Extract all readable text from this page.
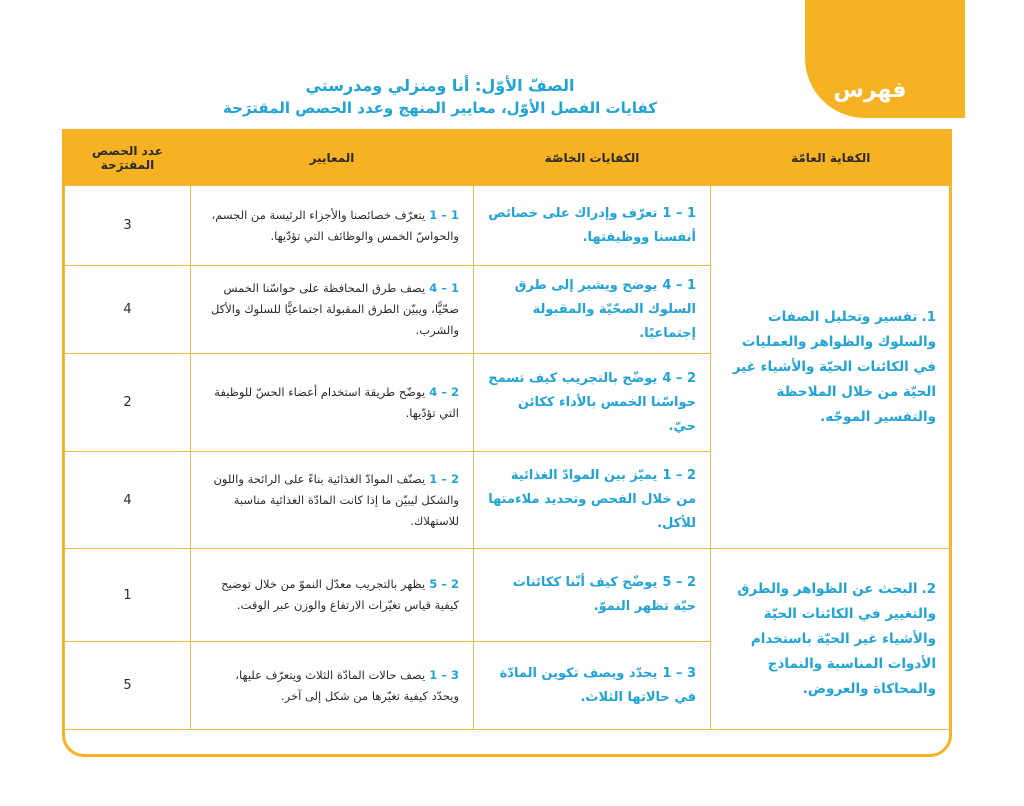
فهرس
الصفّ الأوّل: أنا ومنزلي ومدرستي
كفايات الفصل الأوّل، معايير المنهج وعدد الحصص المقترَحة
الكفاية العامّة	الكفايات الخاصّة	المعايير	عدد الحصص المقترَحة
1.تفسير وتحليل الصفات والسلوك والظواهر والعمليات في الكائنات الحيّة والأشياء غير الحيّة من خلال الملاحظة والتفسير الموجّه.	1 – 1تعرّف وإدراك على خصائص أنفسنا ووظيفتها.	1 – 1يتعرّف خصائصنا والأجزاء الرئيسة من الجسم، والحواسّ الخمس والوظائف التي تؤدّيها.	3
	1 – 4يوضح ويشير إلى طرق السلوك الصحّيّة والمقبولة إجتماعيًا.	1 – 4يصف طرق المحافظة على حواسّنا الخمس صحّيًّا، ويبيّن الطرق المقبولة اجتماعيًّا للسلوك والأكل والشرب.	4
	2 – 4يوضّح بالتجريب كيف تسمح حواسّنا الخمس بالأداء ككائن حيّ.	2 – 4يوضّح طريقة استخدام أعضاء الحسّ للوظيفة التي تؤدّيها.	2
	2 – 1يميّز بين الموادّ الغذائية من خلال الفحص وتحديد ملاءمتها للأكل.	2 – 1يصنّف الموادّ الغذائية بناءً على الرائحة واللون والشكل ليبيّن ما إذا كانت المادّة الغذائية مناسبة للاستهلاك.	4
2.البحث عن الظواهر والطرق والتغيير في الكائنات الحيّة والأشياء غير الحيّة باستخدام الأدوات المناسبة والنماذج والمحاكاة والعروض.	2 – 5يوضّح كيف أنّنا ككائنات حيّة تظهر النموّ.	2 – 5يظهر بالتجريب معدّل النموّ من خلال توضيح كيفية قياس تغيّرات الارتفاع والوزن عبر الوقت.	1
	3 – 1يحدّد ويصف تكوين المادّة في حالاتها الثلاث.	3 – 1يصف حالات المادّة الثلاث ويتعرّف عليها، ويحدّد كيفية تغيّرها من شكل إلى آخر.	5
